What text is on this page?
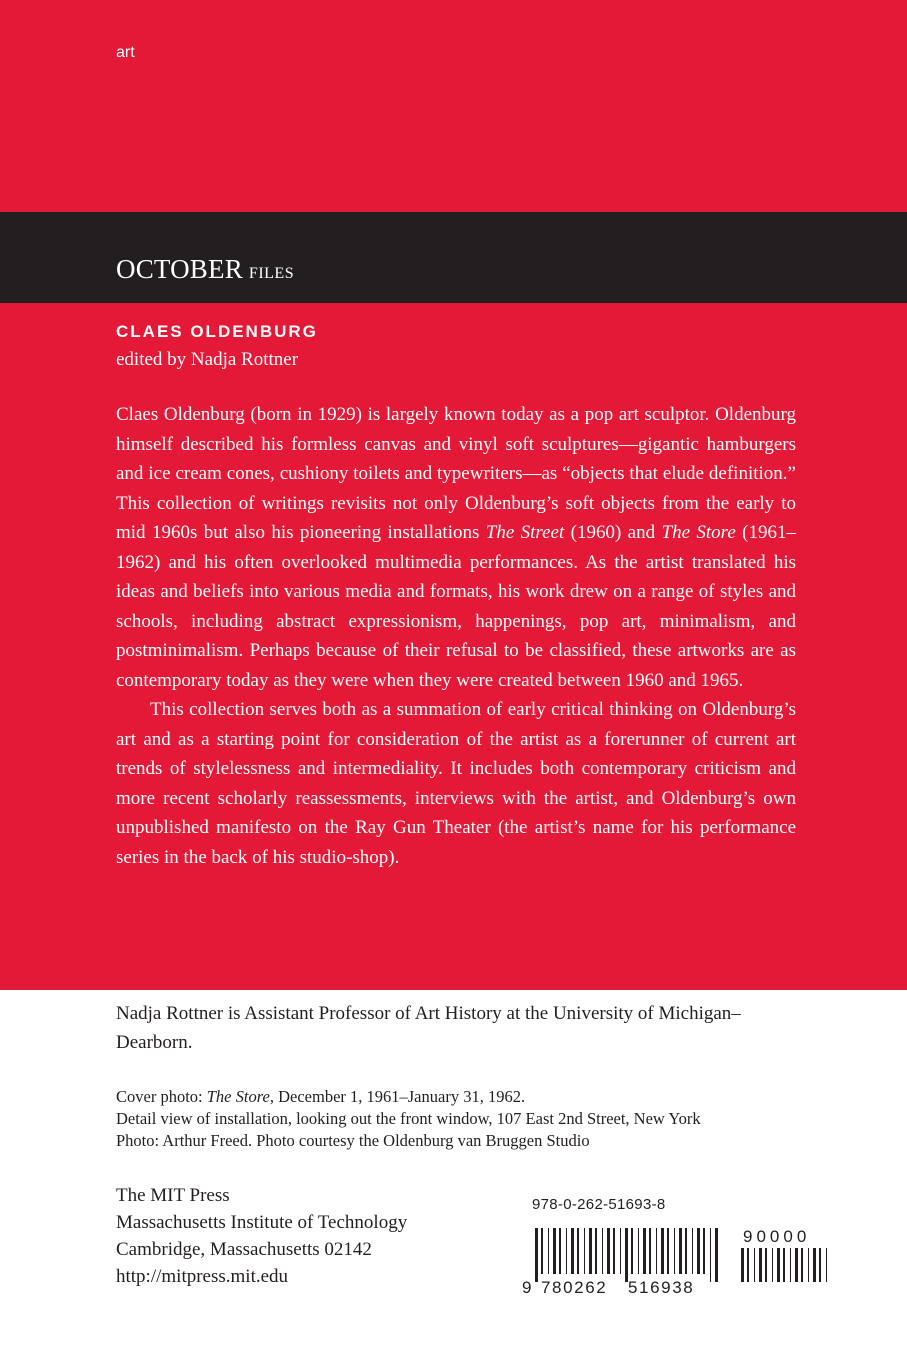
art
OCTOBER FILES
CLAES OLDENBURG
edited by Nadja Rottner

Claes Oldenburg (born in 1929) is largely known today as a pop art sculptor. Oldenburg himself described his formless canvas and vinyl soft sculptures—gigantic hamburgers and ice cream cones, cushiony toilets and typewriters—as “objects that elude definition.” This collection of writings revisits not only Oldenburg’s soft objects from the early to mid 1960s but also his pioneering installations The Street (1960) and The Store (1961–1962) and his often overlooked multimedia performances. As the artist translated his ideas and beliefs into various media and formats, his work drew on a range of styles and schools, including abstract expressionism, happenings, pop art, minimalism, and postminimalism. Perhaps because of their refusal to be classified, these artworks are as contemporary today as they were when they were created between 1960 and 1965.

This collection serves both as a summation of early critical thinking on Oldenburg’s art and as a starting point for consideration of the artist as a forerunner of current art trends of stylelessness and intermediality. It includes both contemporary criticism and more recent scholarly reassessments, interviews with the artist, and Oldenburg’s own unpublished manifesto on the Ray Gun Theater (the artist’s name for his performance series in the back of his studio-shop).

Nadja Rottner is Assistant Professor of Art History at the University of Michigan–Dearborn.

Cover photo: The Store, December 1, 1961–January 31, 1962.
Detail view of installation, looking out the front window, 107 East 2nd Street, New York
Photo: Arthur Freed. Photo courtesy the Oldenburg van Bruggen Studio
The MIT Press
Massachusetts Institute of Technology
Cambridge, Massachusetts 02142
http://mitpress.mit.edu
978-0-262-51693-8
9 780262 516938
90000
